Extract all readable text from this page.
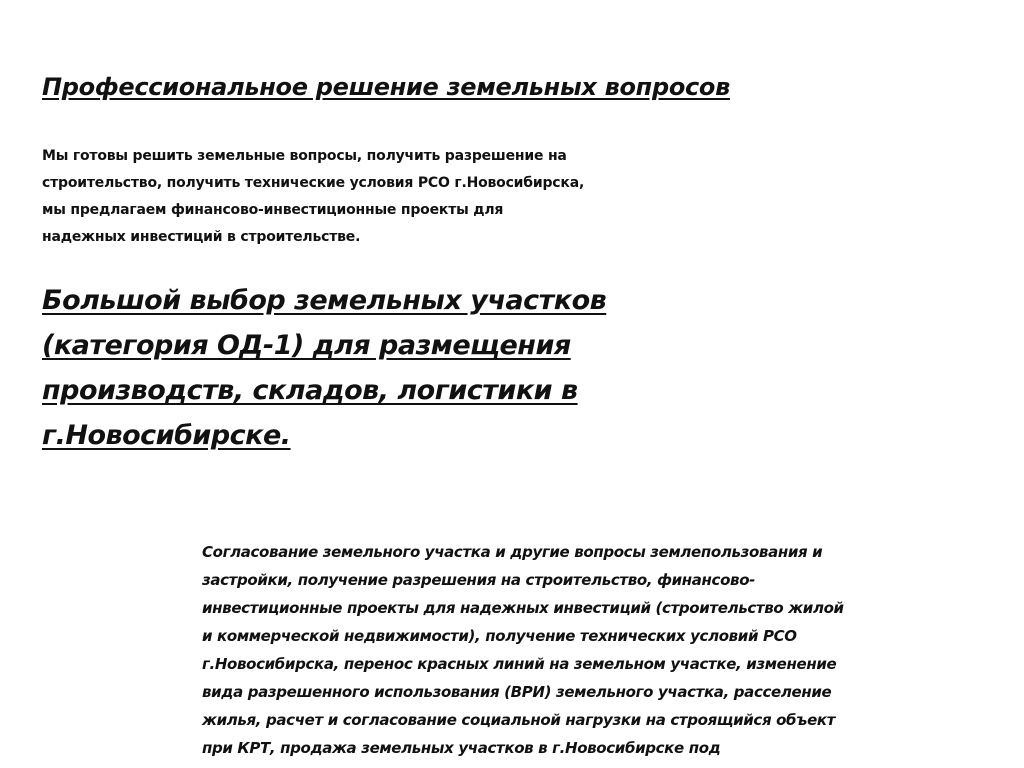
Профессиональное решение земельных вопросов

Мы готовы решить земельные вопросы, получить разрешение на
строительство, получить технические условия РСО г.Новосибирска,
мы предлагаем финансово-инвестиционные проекты для
надежных инвестиций в строительстве.

Большой выбор земельных участков
(категория ОД-1) для размещения
производств, складов, логистики в
г.Новосибирске.

Согласование земельного участка и другие вопросы землепользования и
застройки, получение разрешения на строительство, финансово-
инвестиционные проекты для надежных инвестиций (строительство жилой
и коммерческой недвижимости), получение технических условий РСО
г.Новосибирска, перенос красных линий на земельном участке, изменение
вида разрешенного использования (ВРИ) земельного участка, расселение
жилья, расчет и согласование социальной нагрузки на строящийся объект
при КРТ, продажа земельных участков в г.Новосибирске под
